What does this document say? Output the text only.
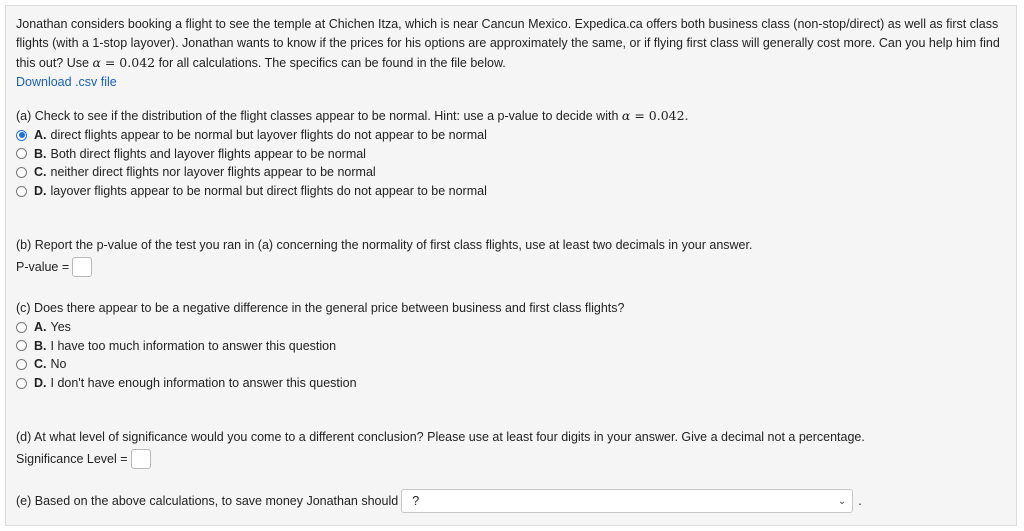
Jonathan considers booking a flight to see the temple at Chichen Itza, which is near Cancun Mexico. Expedica.ca offers both business class (non-stop/direct) as well as first class flights (with a 1-stop layover). Jonathan wants to know if the prices for his options are approximately the same, or if flying first class will generally cost more. Can you help him find this out? Use α = 0.042 for all calculations. The specifics can be found in the file below.

Download .csv file

(a) Check to see if the distribution of the flight classes appear to be normal. Hint: use a p-value to decide with α = 0.042.

A. direct flights appear to be normal but layover flights do not appear to be normal
B. Both direct flights and layover flights appear to be normal
C. neither direct flights nor layover flights appear to be normal
D. layover flights appear to be normal but direct flights do not appear to be normal

(b) Report the p-value of the test you ran in (a) concerning the normality of first class flights, use at least two decimals in your answer.

P-value =

(c) Does there appear to be a negative difference in the general price between business and first class flights?

A. Yes
B. I have too much information to answer this question
C. No
D. I don't have enough information to answer this question

(d) At what level of significance would you come to a different conclusion? Please use at least four digits in your answer. Give a decimal not a percentage.

Significance Level =
(e) Based on the above calculations, to save money Jonathan should ?	⌄ .
